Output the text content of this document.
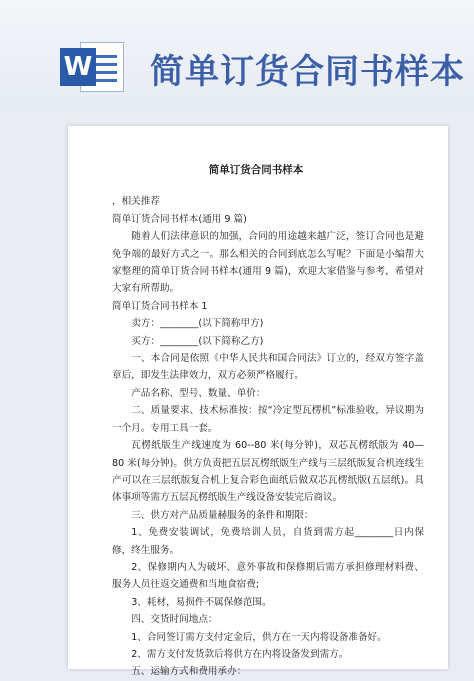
W 简单订货合同书样本
简单订货合同书样本

，相关推荐

简单订货合同书样本(通用 9 篇)

随着人们法律意识的加强，合同的用途越来越广泛，签订合同也是避免争端的最好方式之一。那么相关的合同到底怎么写呢？下面是小编帮大家整理的简单订货合同书样本(通用 9 篇)，欢迎大家借鉴与参考，希望对大家有所帮助。

简单订货合同书样本 1

卖方：________(以下简称甲方)

买方：________(以下简称乙方)

一、本合同是依照《中华人民共和国合同法》订立的，经双方签字盖章后，即发生法律效力，双方必须严格履行。

产品名称、型号、数量、单价：

二、质量要求、技术标准按：按“冷定型瓦楞机”标准验收，异议期为一个月。专用工具一套。

瓦楞纸版生产线速度为 60--80 米(每分钟)，双芯瓦楞纸版为 40—80 米(每分钟)。供方负责把五层瓦楞纸版生产线与三层纸版复合机连线生产可以在三层纸版复合机上复合彩色面纸后做双芯瓦楞纸版(五层纸)。具体事项等需方五层瓦楞纸版生产线设备安装完后商议。

三、供方对产品质量赫服务的条件和期限：

1、免费安装调试，免费培训人员，自货到需方起________日内保修，终生服务。

2、保修期内人为破坏、意外事故和保修期后需方承担修理材料费、服务人员往返交通费和当地食宿费;

3、耗材，易损件不属保修范围。

四、交货时间地点：

1、合同签订需方支付定金后，供方在一天内将设备准备好。

2、需方支付发货款后将供方在内将设备发到需方。

五、运输方式和费用承办：
